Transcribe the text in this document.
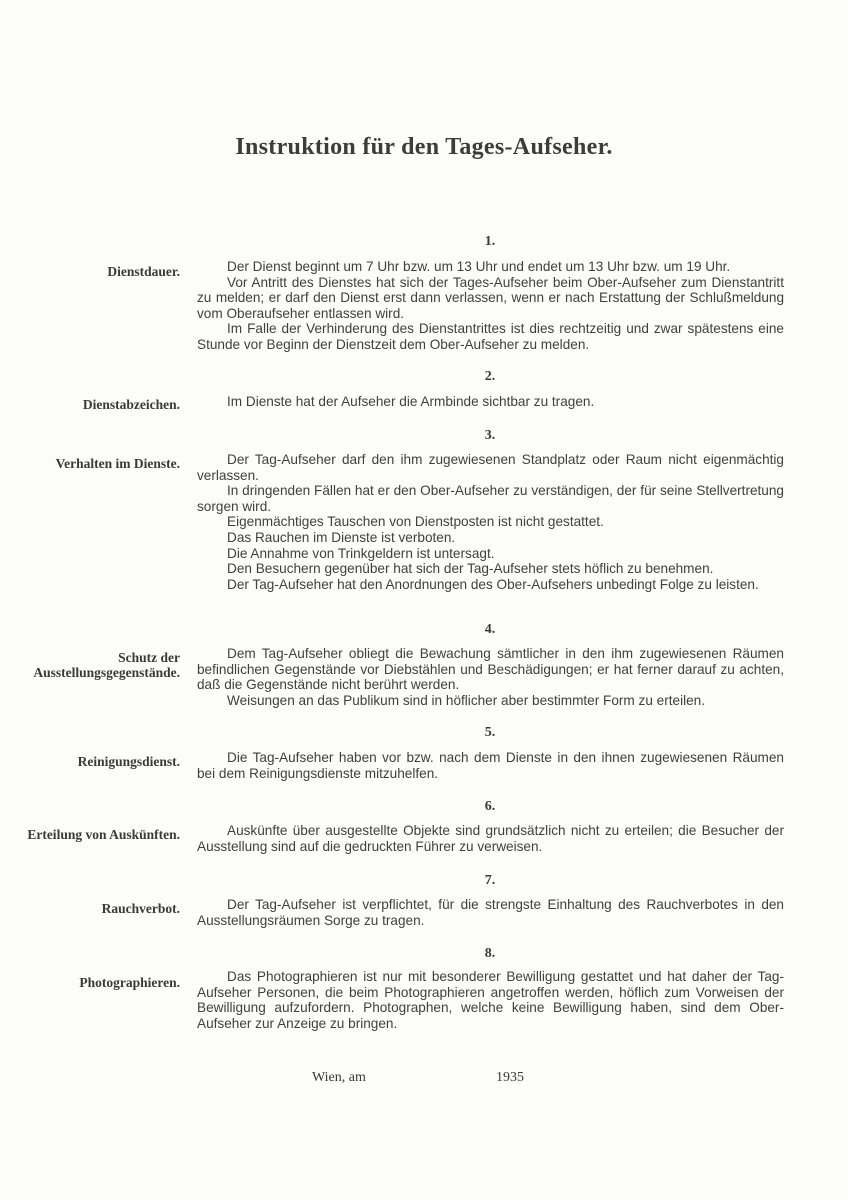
Instruktion für den Tages-Aufseher.
1.
Dienstdauer.	Der Dienst beginnt um 7 Uhr bzw. um 13 Uhr und endet um 13 Uhr bzw. um 19 Uhr.

Vor Antritt des Dienstes hat sich der Tages-Aufseher beim Ober-Aufseher zum Dienstantritt zu melden; er darf den Dienst erst dann verlassen, wenn er nach Erstattung der Schlußmeldung vom Oberaufseher entlassen wird.

Im Falle der Verhinderung des Dienstantrittes ist dies rechtzeitig und zwar spätestens eine Stunde vor Beginn der Dienstzeit dem Ober-Aufseher zu melden.

2.
Dienstabzeichen.	Im Dienste hat der Aufseher die Armbinde sichtbar zu tragen.

3.
Verhalten im Dienste.	Der Tag-Aufseher darf den ihm zugewiesenen Standplatz oder Raum nicht eigenmächtig verlassen.

In dringenden Fällen hat er den Ober-Aufseher zu verständigen, der für seine Stellvertretung sorgen wird.

Eigenmächtiges Tauschen von Dienstposten ist nicht gestattet.

Das Rauchen im Dienste ist verboten.

Die Annahme von Trinkgeldern ist untersagt.

Den Besuchern gegenüber hat sich der Tag-Aufseher stets höflich zu benehmen.

Der Tag-Aufseher hat den Anordnungen des Ober-Aufsehers unbedingt Folge zu leisten.

4.
Schutz der Ausstellungsgegenstände.

Dem Tag-Aufseher obliegt die Bewachung sämtlicher in den ihm zugewiesenen Räumen befindlichen Gegenstände vor Diebstählen und Beschädigungen; er hat ferner darauf zu achten, daß die Gegenstände nicht berührt werden.

Weisungen an das Publikum sind in höflicher aber bestimmter Form zu erteilen.

5.
Reinigungsdienst.	Die Tag-Aufseher haben vor bzw. nach dem Dienste in den ihnen zugewiesenen Räumen bei dem Reinigungsdienste mitzuhelfen.

6.
Erteilung von Auskünften.	Auskünfte über ausgestellte Objekte sind grundsätzlich nicht zu erteilen; die Besucher der Ausstellung sind auf die gedruckten Führer zu verweisen.

7.
Rauchverbot.	Der Tag-Aufseher ist verpflichtet, für die strengste Einhaltung des Rauchverbotes in den Ausstellungsräumen Sorge zu tragen.

8.
Photographieren.	Das Photographieren ist nur mit besonderer Bewilligung gestattet und hat daher der Tag-Aufseher Personen, die beim Photographieren angetroffen werden, höflich zum Vorweisen der Bewilligung aufzufordern. Photographen, welche keine Bewilligung haben, sind dem Ober-Aufseher zur Anzeige zu bringen.

Wien, am	1935
